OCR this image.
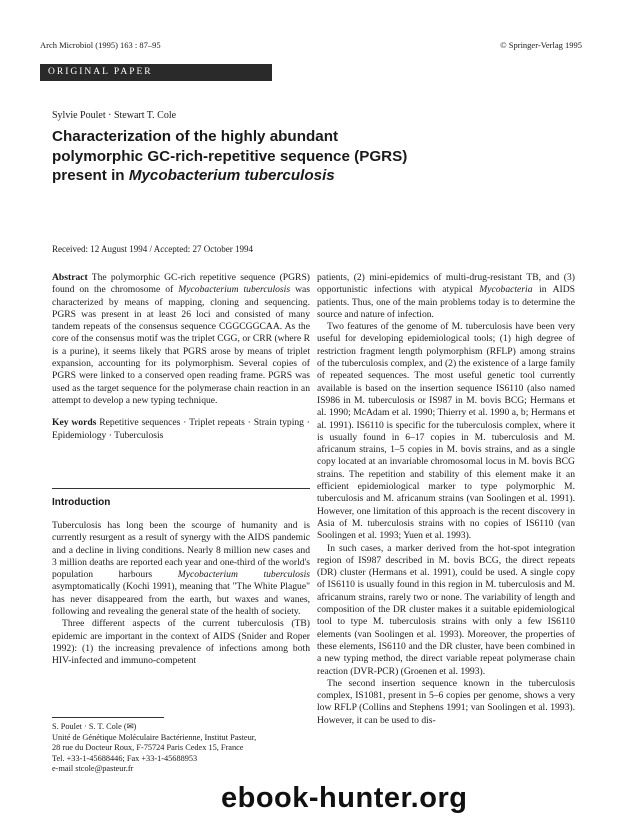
Arch Microbiol (1995) 163 : 87–95	© Springer-Verlag 1995
ORIGINAL PAPER
Sylvie Poulet · Stewart T. Cole
Characterization of the highly abundant
polymorphic GC-rich-repetitive sequence (PGRS)
present in Mycobacterium tuberculosis
Received: 12 August 1994 / Accepted: 27 October 1994

Abstract The polymorphic GC-rich repetitive sequence (PGRS) found on the chromosome of Mycobacterium tuberculosis was characterized by means of mapping, cloning and sequencing. PGRS was present in at least 26 loci and consisted of many tandem repeats of the consensus sequence CGGCGGCAA. As the core of the consensus motif was the triplet CGG, or CRR (where R is a purine), it seems likely that PGRS arose by means of triplet expansion, accounting for its polymorphism. Several copies of PGRS were linked to a conserved open reading frame. PGRS was used as the target sequence for the polymerase chain reaction in an attempt to develop a new typing technique.

Key words Repetitive sequences · Triplet repeats · Strain typing · Epidemiology · Tuberculosis

Introduction

Tuberculosis has long been the scourge of humanity and is currently resurgent as a result of synergy with the AIDS pandemic and a decline in living conditions. Nearly 8 million new cases and 3 million deaths are reported each year and one-third of the world's population harbours Mycobacterium tuberculosis asymptomatically (Kochi 1991), meaning that "The White Plague" has never disappeared from the earth, but waxes and wanes, following and revealing the general state of the health of society.

Three different aspects of the current tuberculosis (TB) epidemic are important in the context of AIDS (Snider and Roper 1992): (1) the increasing prevalence of infections among both HIV-infected and immuno-competent

S. Poulet · S. T. Cole (✉)
Unité de Génétique Moléculaire Bactérienne, Institut Pasteur,
28 rue du Docteur Roux, F-75724 Paris Cedex 15, France
Tel. +33-1-45688446; Fax +33-1-45688953
e-mail stcole@pasteur.fr

patients, (2) mini-epidemics of multi-drug-resistant TB, and (3) opportunistic infections with atypical Mycobacteria in AIDS patients. Thus, one of the main problems today is to determine the source and nature of infection.

Two features of the genome of M. tuberculosis have been very useful for developing epidemiological tools; (1) high degree of restriction fragment length polymorphism (RFLP) among strains of the tuberculosis complex, and (2) the existence of a large family of repeated sequences. The most useful genetic tool currently available is based on the insertion sequence IS6110 (also named IS986 in M. tuberculosis or IS987 in M. bovis BCG; Hermans et al. 1990; McAdam et al. 1990; Thierry et al. 1990 a, b; Hermans et al. 1991). IS6110 is specific for the tuberculosis complex, where it is usually found in 6–17 copies in M. tuberculosis and M. africanum strains, 1–5 copies in M. bovis strains, and as a single copy located at an invariable chromosomal locus in M. bovis BCG strains. The repetition and stability of this element make it an efficient epidemiological marker to type polymorphic M. tuberculosis and M. africanum strains (van Soolingen et al. 1991). However, one limitation of this approach is the recent discovery in Asia of M. tuberculosis strains with no copies of IS6110 (van Soolingen et al. 1993; Yuen et al. 1993).

In such cases, a marker derived from the hot-spot integration region of IS987 described in M. bovis BCG, the direct repeats (DR) cluster (Hermans et al. 1991), could be used. A single copy of IS6110 is usually found in this region in M. tuberculosis and M. africanum strains, rarely two or none. The variability of length and composition of the DR cluster makes it a suitable epidemiological tool to type M. tuberculosis strains with only a few IS6110 elements (van Soolingen et al. 1993). Moreover, the properties of these elements, IS6110 and the DR cluster, have been combined in a new typing method, the direct variable repeat polymerase chain reaction (DVR-PCR) (Groenen et al. 1993).

The second insertion sequence known in the tuberculosis complex, IS1081, present in 5–6 copies per genome, shows a very low RFLP (Collins and Stephens 1991; van Soolingen et al. 1993). However, it can be used to dis-

ebook-hunter.org
